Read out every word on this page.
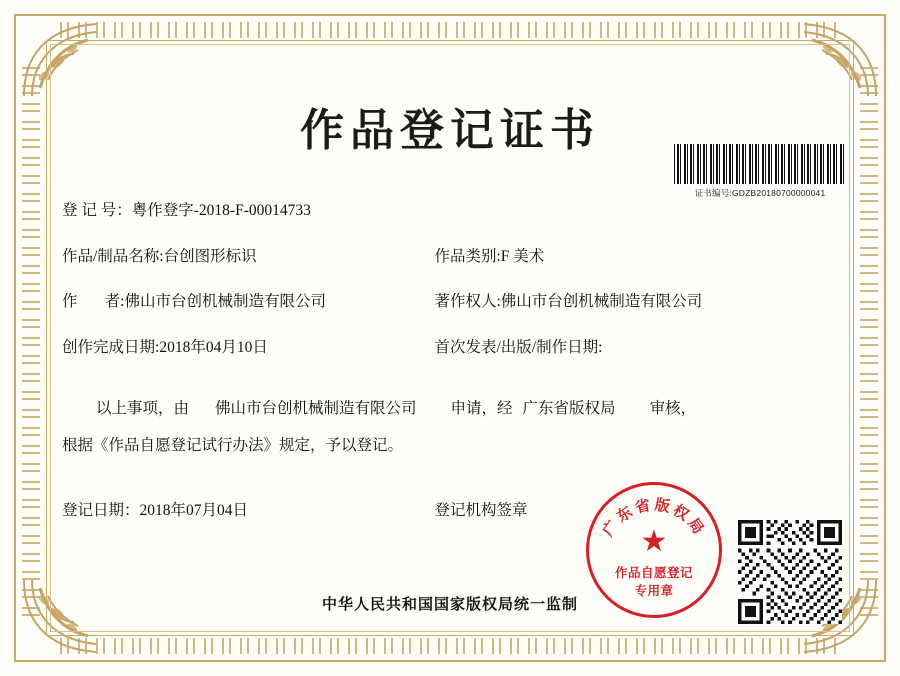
作品登记证书
证书编号:GDZB20180700000041
登 记 号：粤作登字-2018-F-00014733
作品/制品名称:台创图形标识	作品类别:F 美术
作       者:佛山市台创机械制造有限公司	著作权人:佛山市台创机械制造有限公司
创作完成日期:2018年04月10日	首次发表/出版/制作日期:
以上事项，由 佛山市台创机械制造有限公司 申请，经 广东省版权局 审核，
根据《作品自愿登记试行办法》规定，予以登记。
登记日期：2018年07月04日	登记机构签章
中华人民共和国国家版权局统一监制
广东省版权局
★
作品自愿登记
专用章
